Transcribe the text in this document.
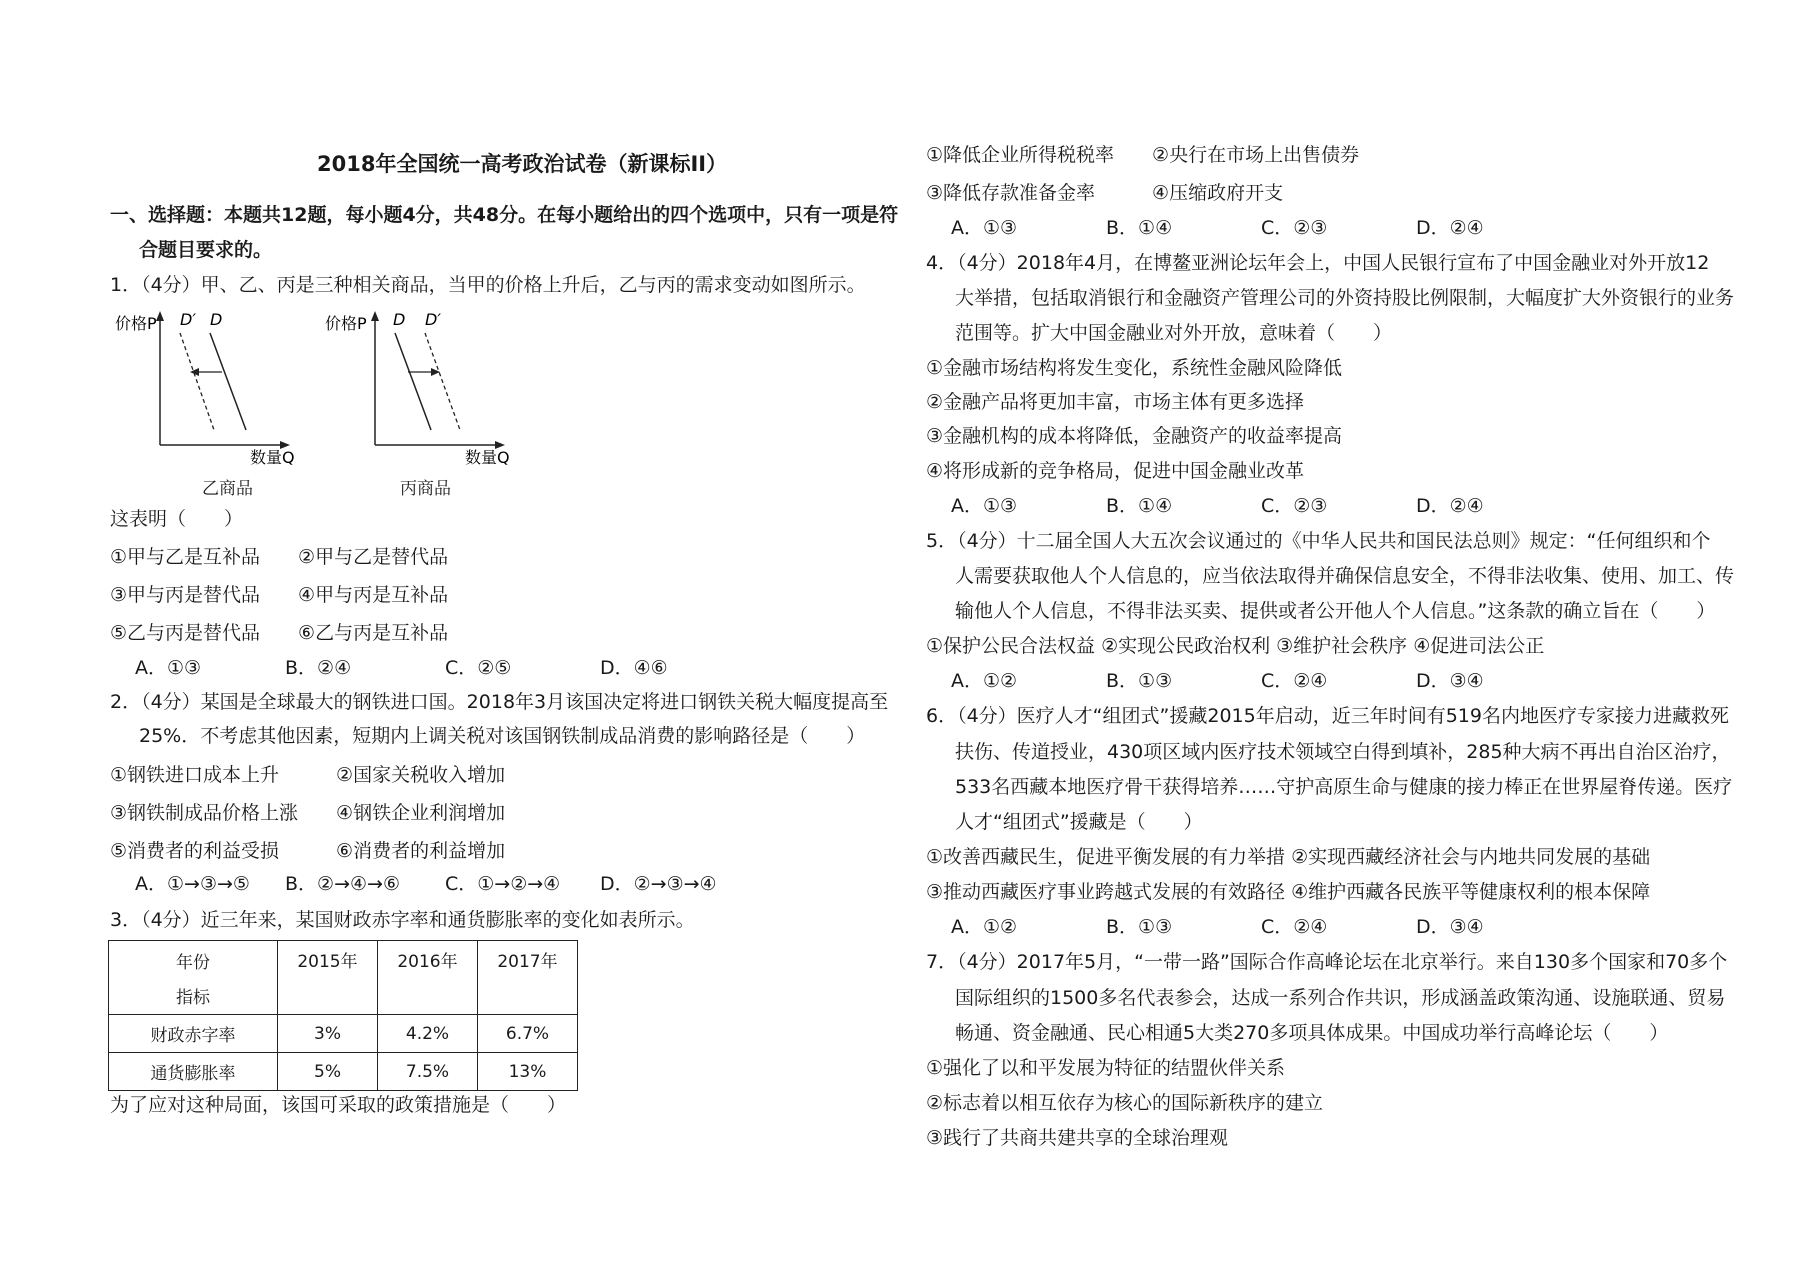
2018年全国统一高考政治试卷（新课标II）
一、选择题：本题共12题，每小题4分，共48分。在每小题给出的四个选项中，只有一项是符
合题目要求的。
1．（4分）甲、乙、丙是三种相关商品，当甲的价格上升后，乙与丙的需求变动如图所示。
价格P
数量Q
D′ D	价格P
数量Q
D D′
乙商品	丙商品
这表明（　　）
①甲与乙是互补品　　②甲与乙是替代品
③甲与丙是替代品　　④甲与丙是互补品
⑤乙与丙是替代品　　⑥乙与丙是互补品
A．①③	B．②④	C．②⑤	D．④⑥
2．（4分）某国是全球最大的钢铁进口国。2018年3月该国决定将进口钢铁关税大幅度提高至
25%．不考虑其他因素，短期内上调关税对该国钢铁制成品消费的影响路径是（　　）
①钢铁进口成本上升　　　②国家关税收入增加
③钢铁制成品价格上涨　　④钢铁企业利润增加
⑤消费者的利益受损　　　⑥消费者的利益增加
A．①→③→⑤ B．②→④→⑥ C．①→②→④ D．②→③→④
3．（4分）近三年来，某国财政赤字率和通货膨胀率的变化如表所示。
年份
指标	2015年	2016年	2017年
财政赤字率	3%	4.2%	6.7%
通货膨胀率	5%	7.5%	13%
为了应对这种局面，该国可采取的政策措施是（　　）
①降低企业所得税税率　　②央行在市场上出售债券
③降低存款准备金率　　　④压缩政府开支
A．①③	B．①④	C．②③	D．②④
4．（4分）2018年4月，在博鳌亚洲论坛年会上，中国人民银行宣布了中国金融业对外开放12
大举措，包括取消银行和金融资产管理公司的外资持股比例限制，大幅度扩大外资银行的业务
范围等。扩大中国金融业对外开放，意味着（　　）
①金融市场结构将发生变化，系统性金融风险降低
②金融产品将更加丰富，市场主体有更多选择
③金融机构的成本将降低，金融资产的收益率提高
④将形成新的竞争格局，促进中国金融业改革
A．①③	B．①④	C．②③	D．②④
5．（4分）十二届全国人大五次会议通过的《中华人民共和国民法总则》规定：“任何组织和个
人需要获取他人个人信息的，应当依法取得并确保信息安全，不得非法收集、使用、加工、传
输他人个人信息，不得非法买卖、提供或者公开他人个人信息。”这条款的确立旨在（　　）
①保护公民合法权益 ②实现公民政治权利 ③维护社会秩序 ④促进司法公正
A．①②	B．①③	C．②④	D．③④
6．（4分）医疗人才“组团式”援藏2015年启动，近三年时间有519名内地医疗专家接力进藏救死
扶伤、传道授业，430项区域内医疗技术领域空白得到填补，285种大病不再出自治区治疗，
533名西藏本地医疗骨干获得培养……守护高原生命与健康的接力棒正在世界屋脊传递。医疗
人才“组团式”援藏是（　　）
①改善西藏民生，促进平衡发展的有力举措 ②实现西藏经济社会与内地共同发展的基础
③推动西藏医疗事业跨越式发展的有效路径 ④维护西藏各民族平等健康权利的根本保障
A．①②	B．①③	C．②④	D．③④
7．（4分）2017年5月，“一带一路”国际合作高峰论坛在北京举行。来自130多个国家和70多个
国际组织的1500多名代表参会，达成一系列合作共识，形成涵盖政策沟通、设施联通、贸易
畅通、资金融通、民心相通5大类270多项具体成果。中国成功举行高峰论坛（　　）
①强化了以和平发展为特征的结盟伙伴关系
②标志着以相互依存为核心的国际新秩序的建立
③践行了共商共建共享的全球治理观
